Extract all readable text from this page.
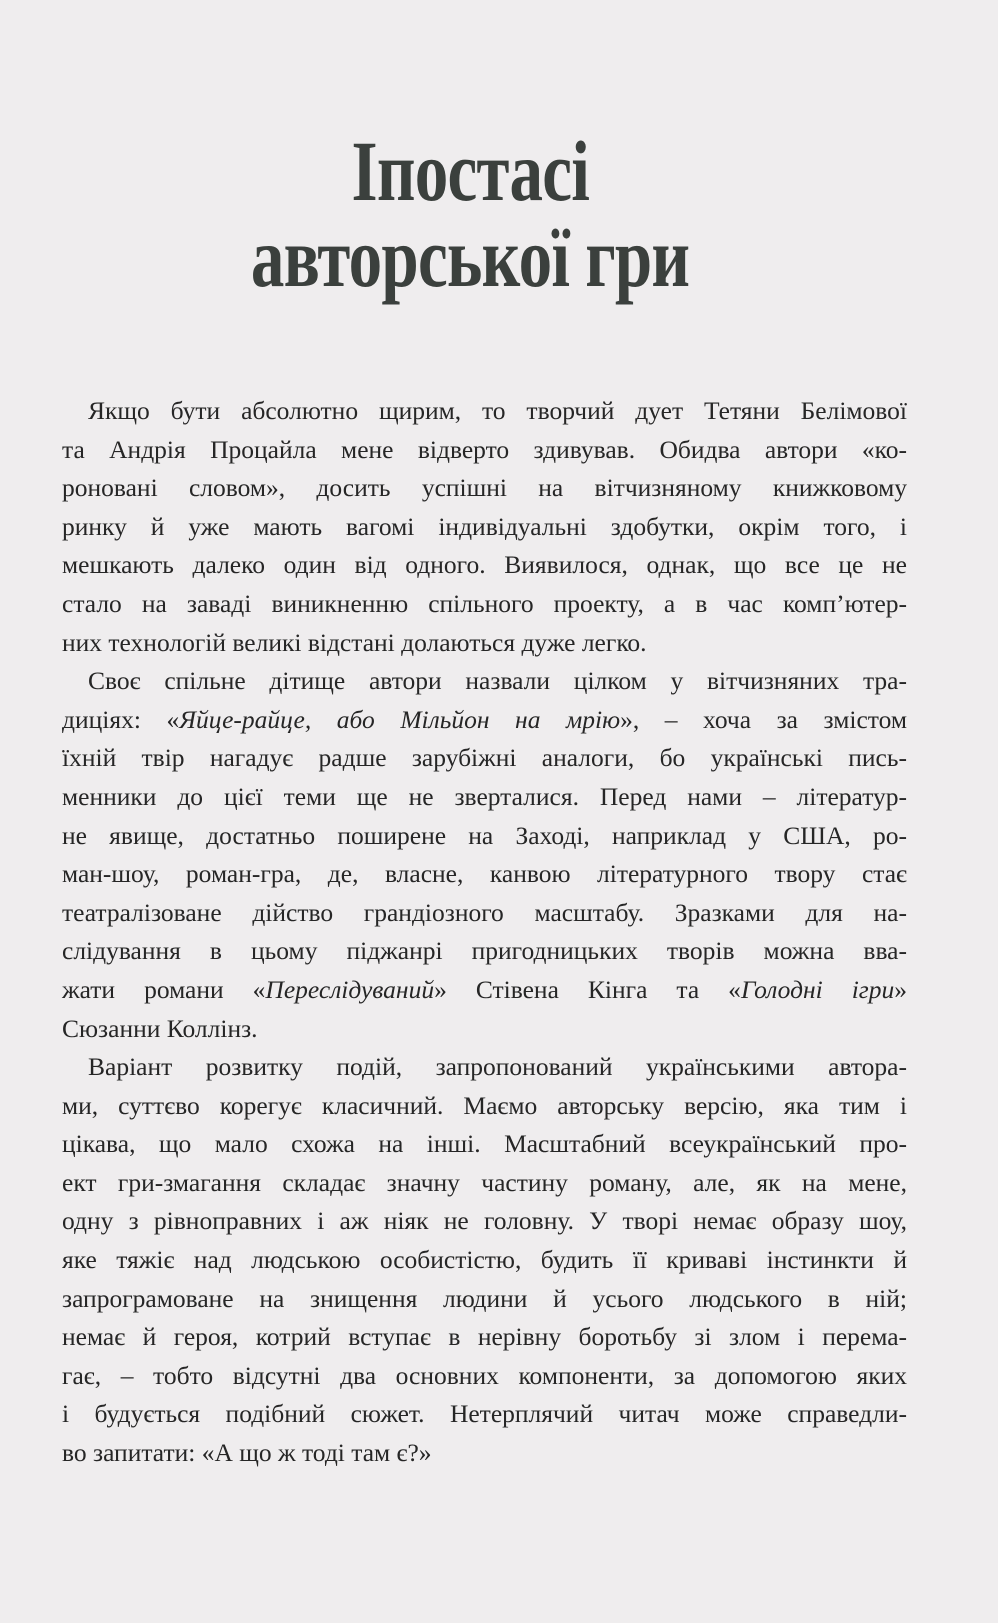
Іпостасі
авторської гри
Якщо бути абсолютно щирим, то творчий дует Тетяни Белімової
та Андрія Процайла мене відверто здивував. Обидва автори «ко-
роновані словом», досить успішні на вітчизняному книжковому
ринку й уже мають вагомі індивідуальні здобутки, окрім того, і
мешкають далеко один від одного. Виявилося, однак, що все це не
стало на заваді виникненню спільного проекту, а в час комп’ютер-
них технологій великі відстані долаються дуже легко.
Своє спільне дітище автори назвали цілком у вітчизняних тра-
диціях: «Яйце-райце, або Мільйон на мрію», – хоча за змістом
їхній твір нагадує радше зарубіжні аналоги, бо українські пись-
менники до цієї теми ще не зверталися. Перед нами – літератур-
не явище, достатньо поширене на Заході, наприклад у США, ро-
ман-шоу, роман-гра, де, власне, канвою літературного твору стає
театралізоване дійство грандіозного масштабу. Зразками для на-
слідування в цьому піджанрі пригодницьких творів можна вва-
жати романи «Переслідуваний» Стівена Кінга та «Голодні ігри»
Сюзанни Коллінз.
Варіант розвитку подій, запропонований українськими автора-
ми, суттєво корегує класичний. Маємо авторську версію, яка тим і
цікава, що мало схожа на інші. Масштабний всеукраїнський про-
ект гри-змагання складає значну частину роману, але, як на мене,
одну з рівноправних і аж ніяк не головну. У творі немає образу шоу,
яке тяжіє над людською особистістю, будить її криваві інстинкти й
запрограмоване на знищення людини й усього людського в ній;
немає й героя, котрий вступає в нерівну боротьбу зі злом і перема-
гає, – тобто відсутні два основних компоненти, за допомогою яких
і будується подібний сюжет. Нетерплячий читач може справедли-
во запитати: «А що ж тоді там є?»
